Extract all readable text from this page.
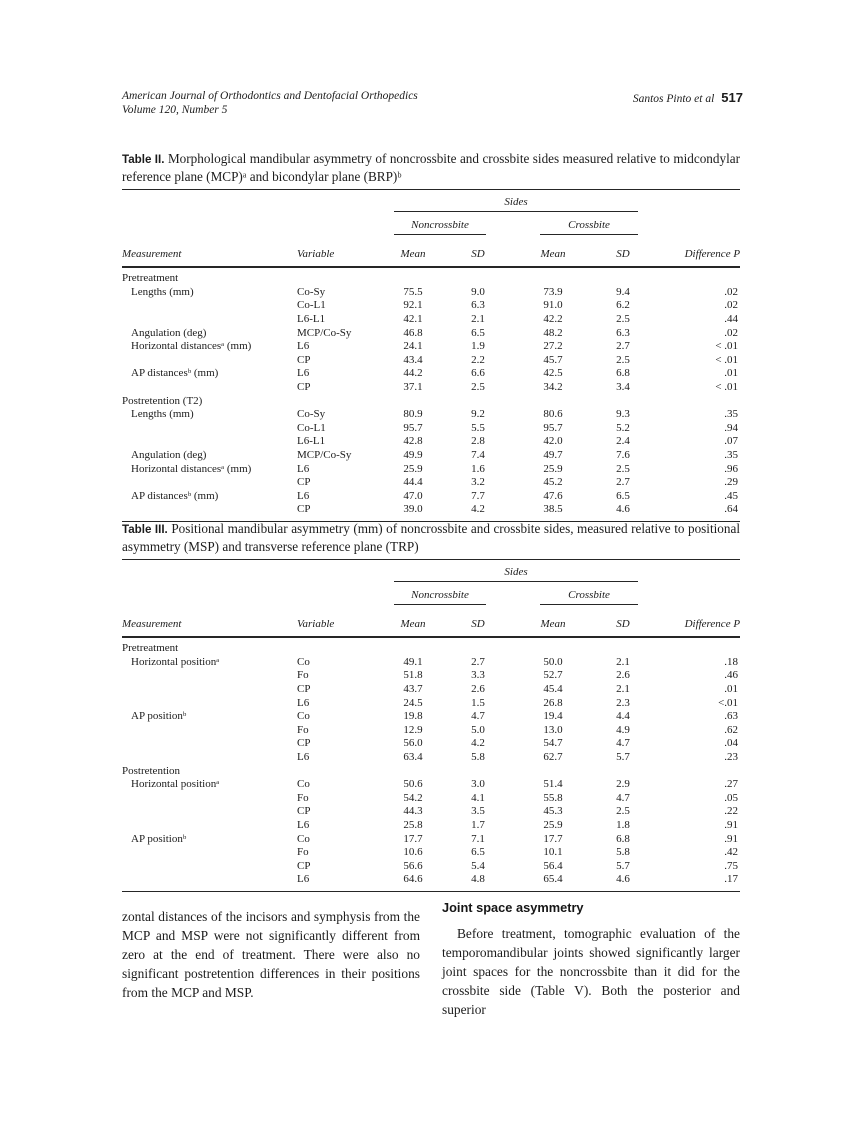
American Journal of Orthodontics and Dentofacial Orthopedics
Volume 120, Number 5
Santos Pinto et al 517

Table II. Morphological mandibular asymmetry of noncrossbite and crossbite sides measured relative to midcondylar reference plane (MCP)ᵃ and bicondylar plane (BRP)ᵇ

		Sides				

		Noncrossbite		Crossbite		

Measurement	Variable	Mean	SD	Mean	SD	Difference P
Pretreatment						
Lengths (mm)	Co-Sy	75.5	9.0	73.9	9.4	.02
	Co-L1	92.1	6.3	91.0	6.2	.02
	L6-L1	42.1	2.1	42.2	2.5	.44
Angulation (deg)	MCP/Co-Sy	46.8	6.5	48.2	6.3	.02
Horizontal distancesᵃ (mm)	L6	24.1	1.9	27.2	2.7	< .01
	CP	43.4	2.2	45.7	2.5	< .01
AP distancesᵇ (mm)	L6	44.2	6.6	42.5	6.8	.01
	CP	37.1	2.5	34.2	3.4	< .01
Postretention (T2)						
Lengths (mm)	Co-Sy	80.9	9.2	80.6	9.3	.35
	Co-L1	95.7	5.5	95.7	5.2	.94
	L6-L1	42.8	2.8	42.0	2.4	.07
Angulation (deg)	MCP/Co-Sy	49.9	7.4	49.7	7.6	.35
Horizontal distancesᵃ (mm)	L6	25.9	1.6	25.9	2.5	.96
	CP	44.4	3.2	45.2	2.7	.29
AP distancesᵇ (mm)	L6	47.0	7.7	47.6	6.5	.45
	CP	39.0	4.2	38.5	4.6	.64

Table III. Positional mandibular asymmetry (mm) of noncrossbite and crossbite sides, measured relative to positional asymmetry (MSP) and transverse reference plane (TRP)

		Sides				

		Noncrossbite		Crossbite		

Measurement	Variable	Mean	SD	Mean	SD	Difference P
Pretreatment						
Horizontal positionᵃ	Co	49.1	2.7	50.0	2.1	.18
	Fo	51.8	3.3	52.7	2.6	.46
	CP	43.7	2.6	45.4	2.1	.01
	L6	24.5	1.5	26.8	2.3	<.01
AP positionᵇ	Co	19.8	4.7	19.4	4.4	.63
	Fo	12.9	5.0	13.0	4.9	.62
	CP	56.0	4.2	54.7	4.7	.04
	L6	63.4	5.8	62.7	5.7	.23
Postretention						
Horizontal positionᵃ	Co	50.6	3.0	51.4	2.9	.27
	Fo	54.2	4.1	55.8	4.7	.05
	CP	44.3	3.5	45.3	2.5	.22
	L6	25.8	1.7	25.9	1.8	.91
AP positionᵇ	Co	17.7	7.1	17.7	6.8	.91
	Fo	10.6	6.5	10.1	5.8	.42
	CP	56.6	5.4	56.4	5.7	.75
	L6	64.6	4.8	65.4	4.6	.17

zontal distances of the incisors and symphysis from the MCP and MSP were not significantly different from zero at the end of treatment. There were also no significant postretention differences in their positions from the MCP and MSP.

Joint space asymmetry

Before treatment, tomographic evaluation of the temporomandibular joints showed significantly larger joint spaces for the noncrossbite than it did for the crossbite side (Table V). Both the posterior and superior
